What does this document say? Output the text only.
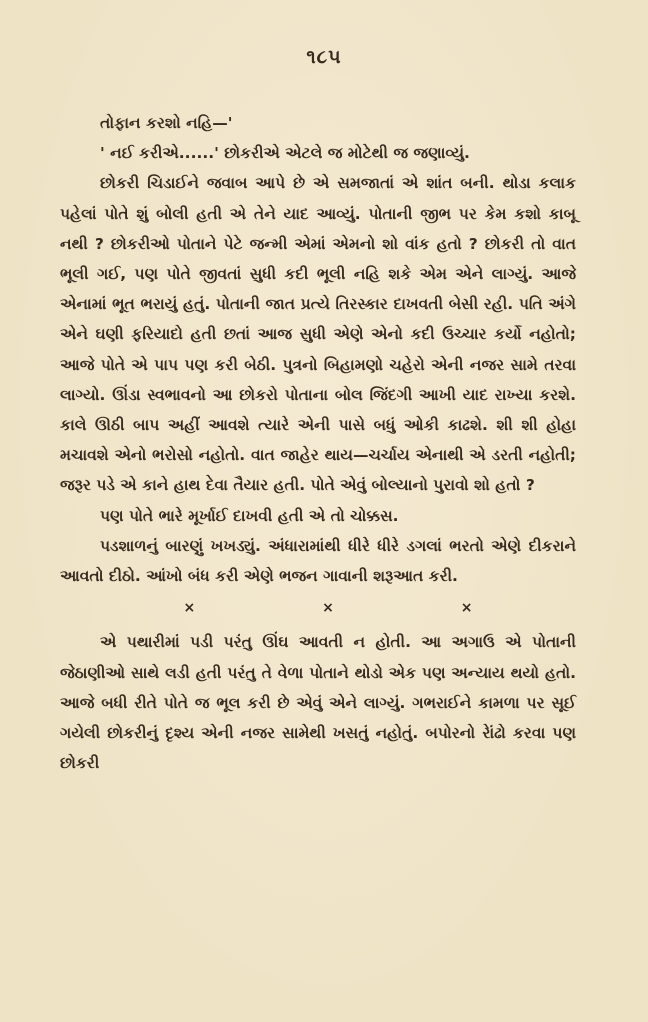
૧૮૫

તોફાન કરશો નહિ—'

' નઈ કરીએ......' છોકરીએ એટલે જ મોટેથી જ જણાવ્યું.

છોકરી ચિડાઈને જવાબ આપે છે એ સમજાતાં એ શાંત બની. થોડા કલાક પહેલાં પોતે શું બોલી હતી એ તેને યાદ આવ્યું. પોતાની જીભ પર કેમ કશો કાબૂ નથી ? છોકરીઓ પોતાને પેટે જન્મી એમાં એમનો શો વાંક હતો ? છોકરી તો વાત ભૂલી ગઈ, પણ પોતે જીવતાં સુધી કદી ભૂલી નહિ શકે એમ એને લાગ્યું. આજે એનામાં ભૂત ભરાયું હતું. પોતાની જાત પ્રત્યે તિરસ્કાર દાખવતી બેસી રહી. પતિ અંગે એને ઘણી ફરિયાદો હતી છતાં આજ સુધી એણે એનો કદી ઉચ્ચાર કર્યો નહોતો; આજે પોતે એ પાપ પણ કરી બેઠી. પુત્રનો બિહામણો ચહેરો એની નજર સામે તરવા લાગ્યો. ઊંડા સ્વભાવનો આ છોકરો પોતાના બોલ જિંદગી આખી યાદ રાખ્યા કરશે. કાલે ઊઠી બાપ અહીં આવશે ત્યારે એની પાસે બધું ઓકી કાઢશે. શી શી હોહા મચાવશે એનો ભરોસો નહોતો. વાત જાહેર થાય—ચર્ચાય એનાથી એ ડરતી નહોતી; જરૂર પડે એ કાને હાથ દેવા તૈયાર હતી. પોતે એવું બોલ્યાનો પુરાવો શો હતો ?

પણ પોતે ભારે મૂર્ખાઈ દાખવી હતી એ તો ચોક્કસ.

પડશાળનું બારણું ખખડ્યું. અંધારામાંથી ધીરે ધીરે ડગલાં ભરતો એણે દીકરાને આવતો દીઠો. આંખો બંધ કરી એણે ભજન ગાવાની શરૂઆત કરી.

×	×	×

એ પથારીમાં પડી પરંતુ ઊંઘ આવતી ન હોતી. આ અગાઉ એ પોતાની જેઠાણીઓ સાથે લડી હતી પરંતુ તે વેળા પોતાને થોડો એક પણ અન્યાય થયો હતો. આજે બધી રીતે પોતે જ ભૂલ કરી છે એવું એને લાગ્યું. ગભરાઈને કામળા પર સૂઈ ગયેલી છોકરીનું દૃશ્ય એની નજર સામેથી ખસતું નહોતું. બપોરનો રેાંઢો કરવા પણ છોકરી
